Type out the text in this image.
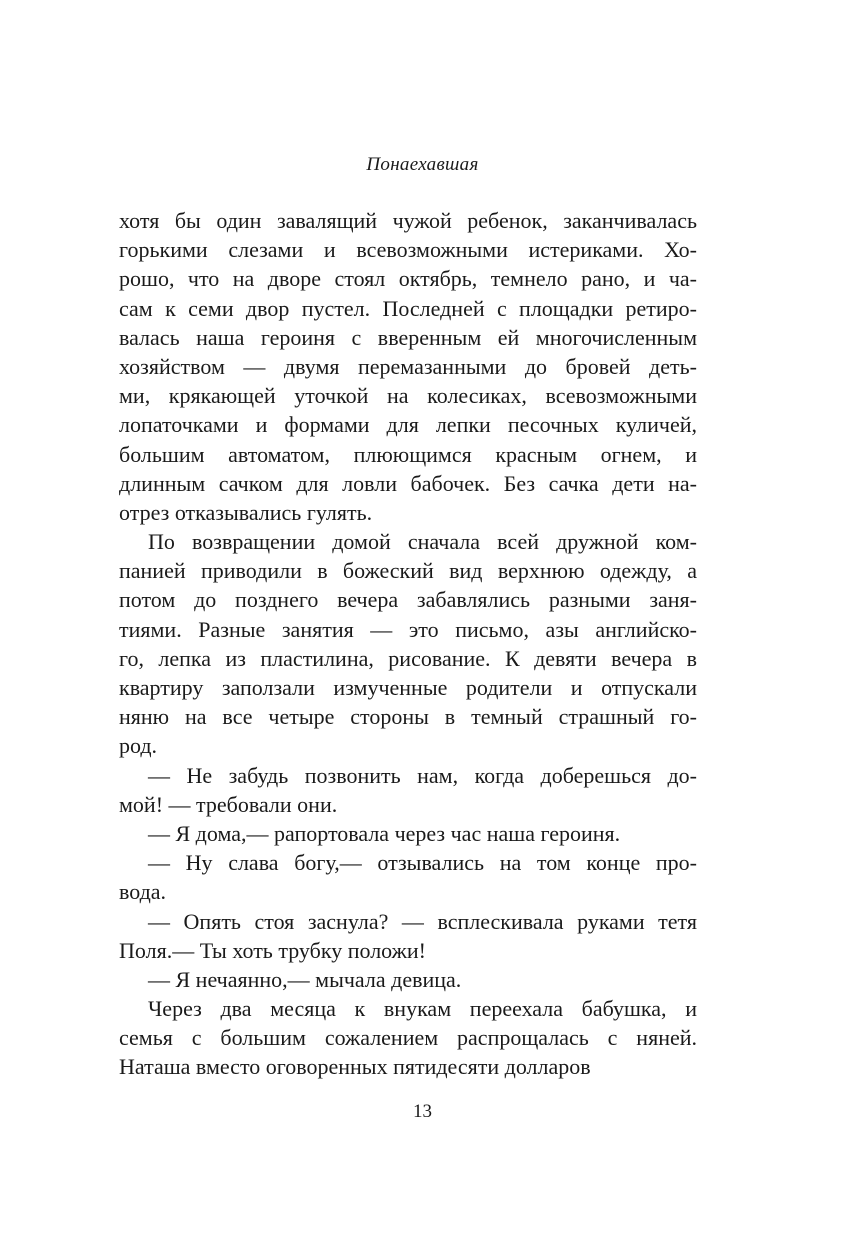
Понаехавшая
хотя бы один завалящий чужой ребенок, заканчивалась
горькими слезами и всевозможными истериками. Хо-
рошо, что на дворе стоял октябрь, темнело рано, и ча-
сам к семи двор пустел. Последней с площадки ретиро-
валась наша героиня с вверенным ей многочисленным
хозяйством — двумя перемазанными до бровей деть-
ми, крякающей уточкой на колесиках, всевозможными
лопаточками и формами для лепки песочных куличей,
большим автоматом, плюющимся красным огнем, и
длинным сачком для ловли бабочек. Без сачка дети на-
отрез отказывались гулять.
По возвращении домой сначала всей дружной ком-
панией приводили в божеский вид верхнюю одежду, а
потом до позднего вечера забавлялись разными заня-
тиями. Разные занятия — это письмо, азы английско-
го, лепка из пластилина, рисование. К девяти вечера в
квартиру заползали измученные родители и отпускали
няню на все четыре стороны в темный страшный го-
род.
— Не забудь позвонить нам, когда доберешься до-
мой! — требовали они.
— Я дома,— рапортовала через час наша героиня.
— Ну слава богу,— отзывались на том конце про-
вода.
— Опять стоя заснула? — всплескивала руками тетя
Поля.— Ты хоть трубку положи!
— Я нечаянно,— мычала девица.
Через два месяца к внукам переехала бабушка, и
семья с большим сожалением распрощалась с няней.
Наташа вместо оговоренных пятидесяти долларов
13
